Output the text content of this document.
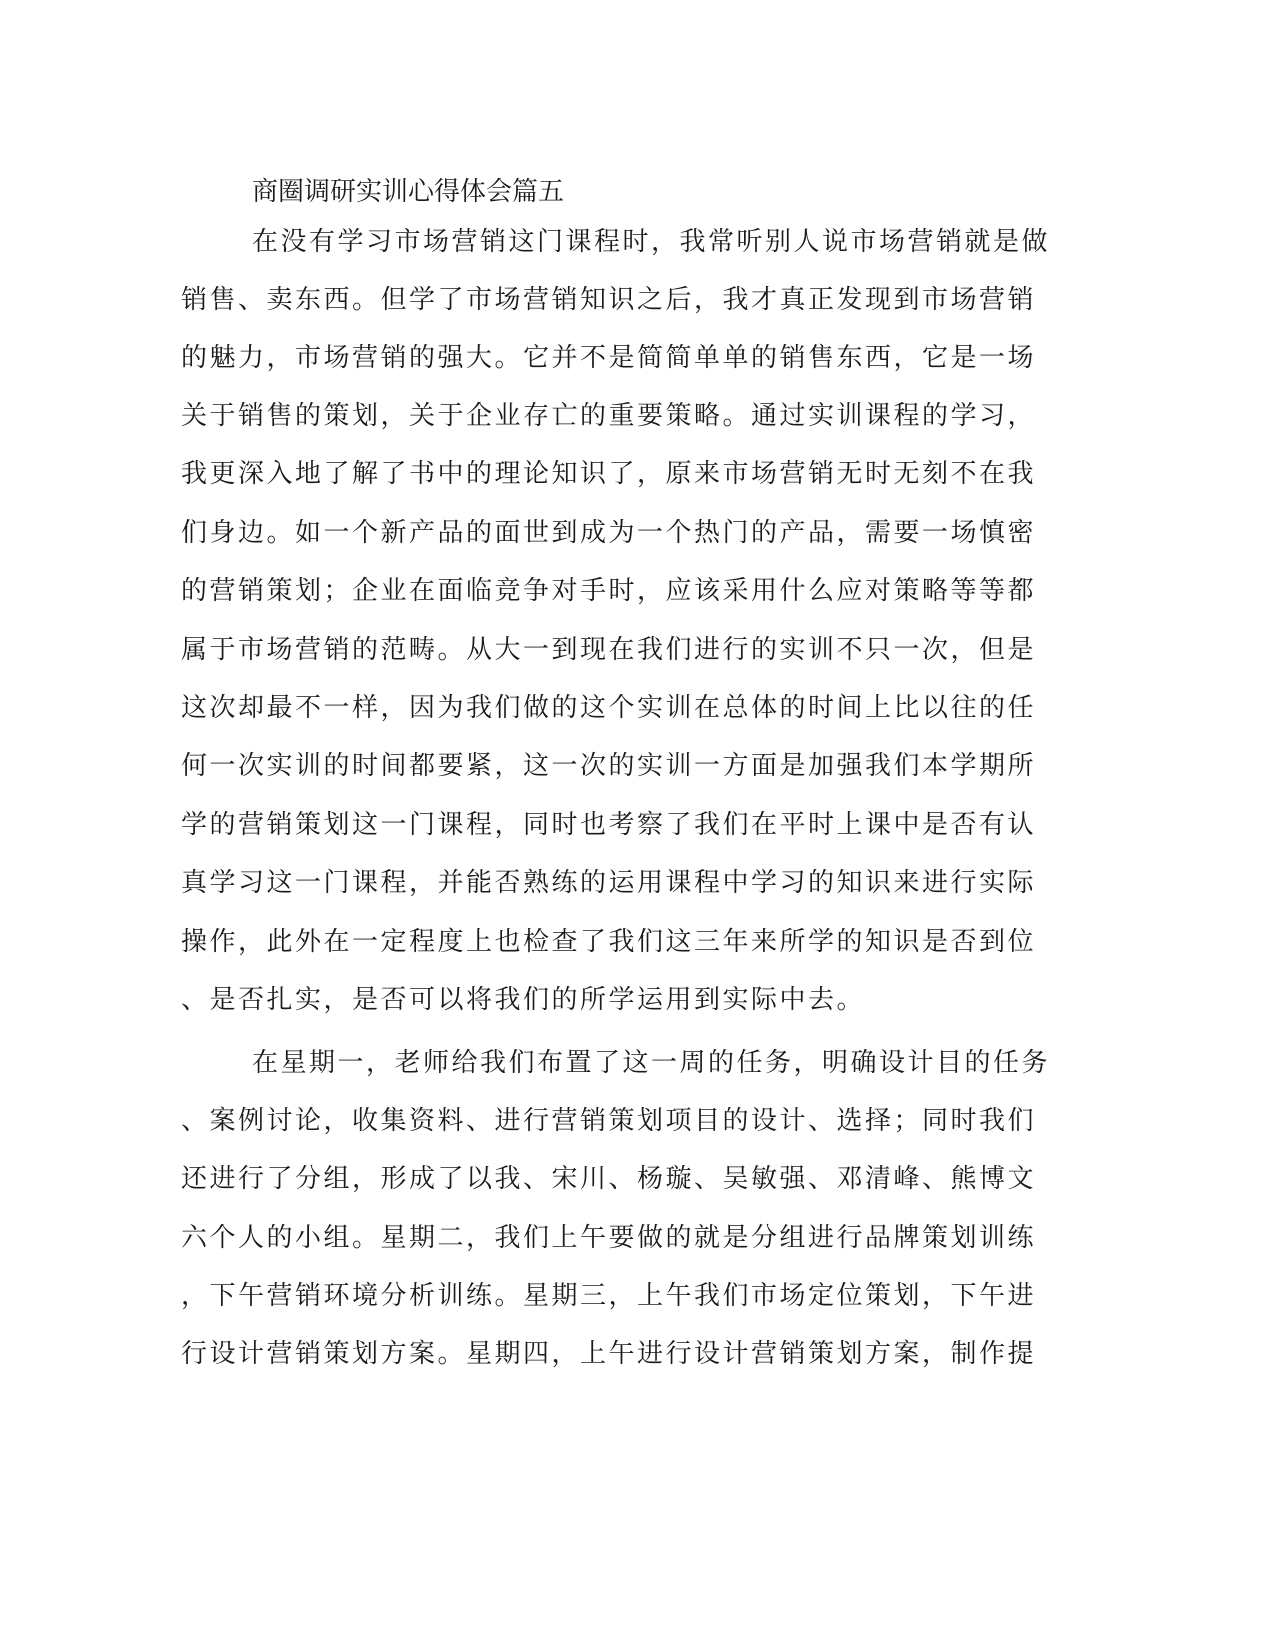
商圈调研实训心得体会篇五

在没有学习市场营销这门课程时，我常听别人说市场营销就是做

销售、卖东西。但学了市场营销知识之后，我才真正发现到市场营销

的魅力，市场营销的强大。它并不是简简单单的销售东西，它是一场

关于销售的策划，关于企业存亡的重要策略。通过实训课程的学习，

我更深入地了解了书中的理论知识了，原来市场营销无时无刻不在我

们身边。如一个新产品的面世到成为一个热门的产品，需要一场慎密

的营销策划；企业在面临竞争对手时，应该采用什么应对策略等等都

属于市场营销的范畴。从大一到现在我们进行的实训不只一次，但是

这次却最不一样，因为我们做的这个实训在总体的时间上比以往的任

何一次实训的时间都要紧，这一次的实训一方面是加强我们本学期所

学的营销策划这一门课程，同时也考察了我们在平时上课中是否有认

真学习这一门课程，并能否熟练的运用课程中学习的知识来进行实际

操作，此外在一定程度上也检查了我们这三年来所学的知识是否到位

、是否扎实，是否可以将我们的所学运用到实际中去。

在星期一，老师给我们布置了这一周的任务，明确设计目的任务

、案例讨论，收集资料、进行营销策划项目的设计、选择；同时我们

还进行了分组，形成了以我、宋川、杨璇、吴敏强、邓清峰、熊博文

六个人的小组。星期二，我们上午要做的就是分组进行品牌策划训练

，下午营销环境分析训练。星期三，上午我们市场定位策划，下午进

行设计营销策划方案。星期四，上午进行设计营销策划方案，制作提
